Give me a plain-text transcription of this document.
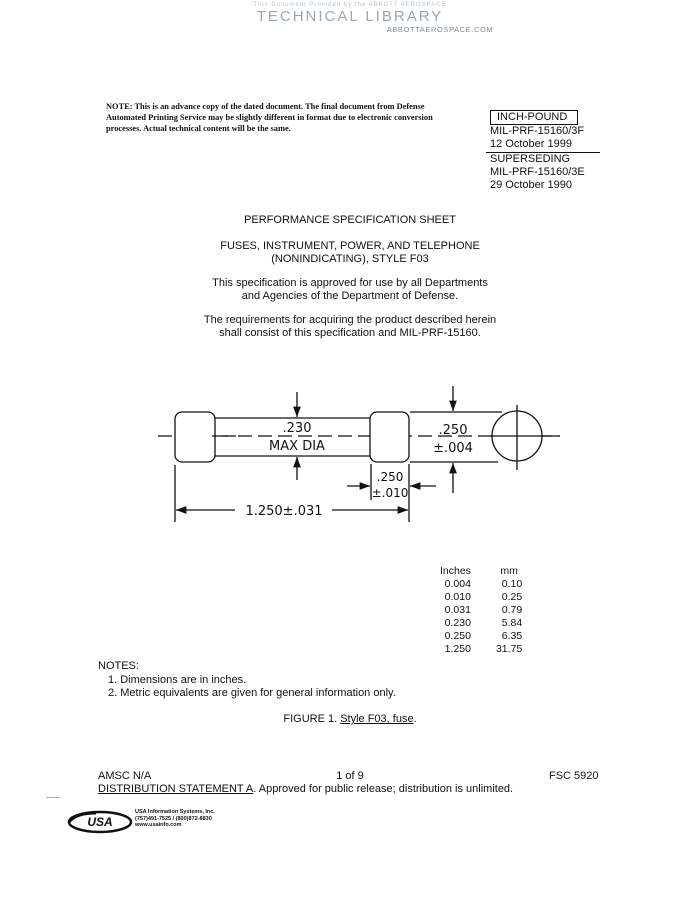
This Document Provided by the ABBOTT AEROSPACE
TECHNICAL LIBRARY
ABBOTTAEROSPACE.COM
NOTE: This is an advance copy of the dated document. The final document from Defense Automated Printing Service may be slightly different in format due to electronic conversion processes. Actual technical content will be the same.
INCH-POUND
MIL-PRF-15160/3F
12 October 1999
SUPERSEDING
MIL-PRF-15160/3E
29 October 1990
PERFORMANCE SPECIFICATION SHEET
FUSES, INSTRUMENT, POWER, AND TELEPHONE
(NONINDICATING), STYLE F03
This specification is approved for use by all Departments
and Agencies of the Department of Defense.
The requirements for acquiring the product described herein
shall consist of this specification and MIL-PRF-15160.
.230
MAX DIA
.250
±.004
.250
±.010
1.250±.031
Inches	mm
0.004	0.10
0.010	0.25
0.031	0.79
0.230	5.84
0.250	6.35
1.250	31.75
NOTES:
1. Dimensions are in inches.
2. Metric equivalents are given for general information only.
FIGURE 1. Style F03, fuse.
AMSC N/A	1 of 9	FSC 5920
DISTRIBUTION STATEMENT A. Approved for public release; distribution is unlimited.
USA
USA Information Systems, Inc.
(757)491-7525 / (800)872-8830
www.usainfo.com
